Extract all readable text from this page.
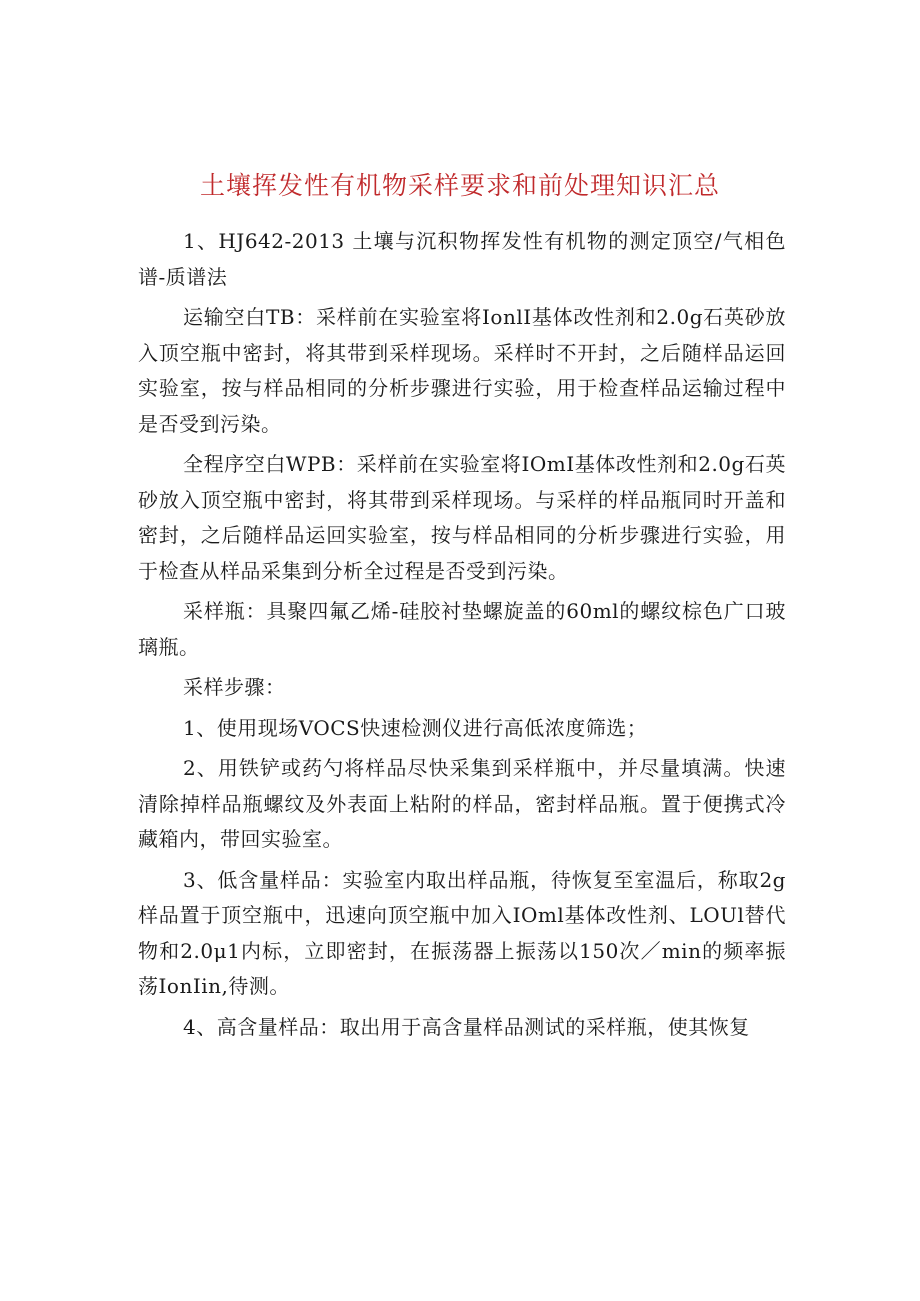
土壤挥发性有机物采样要求和前处理知识汇总

1、HJ642-2013 土壤与沉积物挥发性有机物的测定顶空/气相色谱-质谱法

运输空白TB：采样前在实验室将IonlI基体改性剂和2.0g石英砂放入顶空瓶中密封，将其带到采样现场。采样时不开封，之后随样品运回实验室，按与样品相同的分析步骤进行实验，用于检查样品运输过程中是否受到污染。

全程序空白WPB：采样前在实验室将IOmI基体改性剂和2.0g石英砂放入顶空瓶中密封，将其带到采样现场。与采样的样品瓶同时开盖和密封，之后随样品运回实验室，按与样品相同的分析步骤进行实验，用于检查从样品采集到分析全过程是否受到污染。

采样瓶：具聚四氟乙烯-硅胶衬垫螺旋盖的60ml的螺纹棕色广口玻璃瓶。

采样步骤：

1、使用现场VOCS快速检测仪进行高低浓度筛选；

2、用铁铲或药勺将样品尽快采集到采样瓶中，并尽量填满。快速清除掉样品瓶螺纹及外表面上粘附的样品，密封样品瓶。置于便携式冷藏箱内，带回实验室。

3、低含量样品：实验室内取出样品瓶，待恢复至室温后，称取2g样品置于顶空瓶中，迅速向顶空瓶中加入IOml基体改性剂、LOUl替代物和2.0μ1内标，立即密封，在振荡器上振荡以150次／min的频率振荡IonIin,待测。

4、高含量样品：取出用于高含量样品测试的采样瓶，使其恢复
